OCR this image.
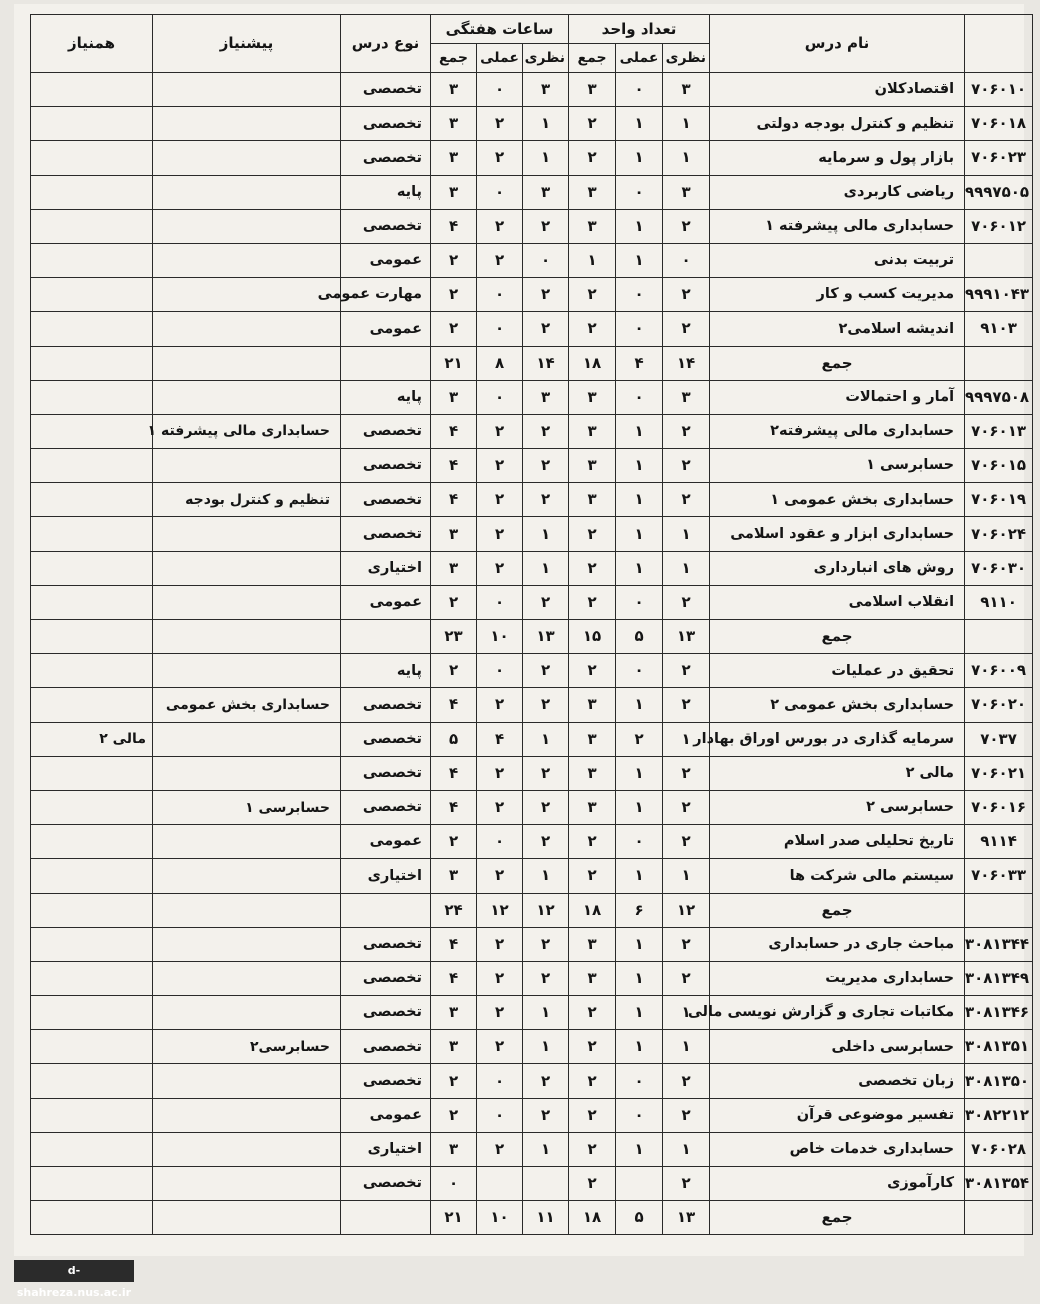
	نام درس	تعداد واحد			ساعات هفتگی			نوع درس	پیشنیاز	همنیاز
		نظری	عملی	جمع	نظری	عملی	جمع			
۷۰۶۰۱۰	اقتصادکلان	۳	۰	۳	۳	۰	۳	تخصصی		
۷۰۶۰۱۸	تنظیم و کنترل بودجه دولتی	۱	۱	۲	۱	۲	۳	تخصصی		
۷۰۶۰۲۳	بازار پول و سرمایه	۱	۱	۲	۱	۲	۳	تخصصی		
۹۹۹۷۵۰۵	ریاضی کاربردی	۳	۰	۳	۳	۰	۳	پایه		
۷۰۶۰۱۲	حسابداری مالی پیشرفته ۱	۲	۱	۳	۲	۲	۴	تخصصی		
	تربیت بدنی	۰	۱	۱	۰	۲	۲	عمومی		
۹۹۹۱۰۴۳	مدیریت کسب و کار	۲	۰	۲	۲	۰	۲	مهارت عمومی		
۹۱۰۳	اندیشه اسلامی۲	۲	۰	۲	۲	۰	۲	عمومی		
	جمع	۱۴	۴	۱۸	۱۴	۸	۲۱			
۹۹۹۷۵۰۸	آمار و احتمالات	۳	۰	۳	۳	۰	۳	پایه		
۷۰۶۰۱۳	حسابداری مالی پیشرفته۲	۲	۱	۳	۲	۲	۴	تخصصی	حسابداری مالی پیشرفته ۱	
۷۰۶۰۱۵	حسابرسی ۱	۲	۱	۳	۲	۲	۴	تخصصی		
۷۰۶۰۱۹	حسابداری بخش عمومی ۱	۲	۱	۳	۲	۲	۴	تخصصی	تنظیم و کنترل بودجه	
۷۰۶۰۲۴	حسابداری ابزار و عقود اسلامی	۱	۱	۲	۱	۲	۳	تخصصی		
۷۰۶۰۳۰	روش های انبارداری	۱	۱	۲	۱	۲	۳	اختیاری		
۹۱۱۰	انقلاب اسلامی	۲	۰	۲	۲	۰	۲	عمومی		
	جمع	۱۳	۵	۱۵	۱۳	۱۰	۲۳			
۷۰۶۰۰۹	تحقیق در عملیات	۲	۰	۲	۲	۰	۲	پایه		
۷۰۶۰۲۰	حسابداری بخش عمومی ۲	۲	۱	۳	۲	۲	۴	تخصصی	حسابداری بخش عمومی	
۷۰۳۷	سرمایه گذاری در بورس اوراق بهادار	۱	۲	۳	۱	۴	۵	تخصصی		مالی ۲
۷۰۶۰۲۱	مالی ۲	۲	۱	۳	۲	۲	۴	تخصصی		
۷۰۶۰۱۶	حسابرسی ۲	۲	۱	۳	۲	۲	۴	تخصصی	حسابرسی ۱	
۹۱۱۴	تاریخ تحلیلی صدر اسلام	۲	۰	۲	۲	۰	۲	عمومی		
۷۰۶۰۳۳	سیستم مالی شرکت ها	۱	۱	۲	۱	۲	۳	اختیاری		
	جمع	۱۲	۶	۱۸	۱۲	۱۲	۲۴			
۳۰۸۱۳۴۴	مباحث جاری در حسابداری	۲	۱	۳	۲	۲	۴	تخصصی		
۳۰۸۱۳۴۹	حسابداری مدیریت	۲	۱	۳	۲	۲	۴	تخصصی		
۳۰۸۱۳۴۶	مکاتبات تجاری و گزارش نویسی مالی	۱	۱	۲	۱	۲	۳	تخصصی		
۳۰۸۱۳۵۱	حسابرسی داخلی	۱	۱	۲	۱	۲	۳	تخصصی	حسابرسی۲	
۳۰۸۱۳۵۰	زبان تخصصی	۲	۰	۲	۲	۰	۲	تخصصی		
۳۰۸۲۲۱۲	تفسیر موضوعی قرآن	۲	۰	۲	۲	۰	۲	عمومی		
۷۰۶۰۲۸	حسابداری خدمات خاص	۱	۱	۲	۱	۲	۳	اختیاری		
۳۰۸۱۳۵۴	کارآموزی	۲		۲			۰	تخصصی		
	جمع	۱۳	۵	۱۸	۱۱	۱۰	۲۱			
d-shahreza.nus.ac.ir
